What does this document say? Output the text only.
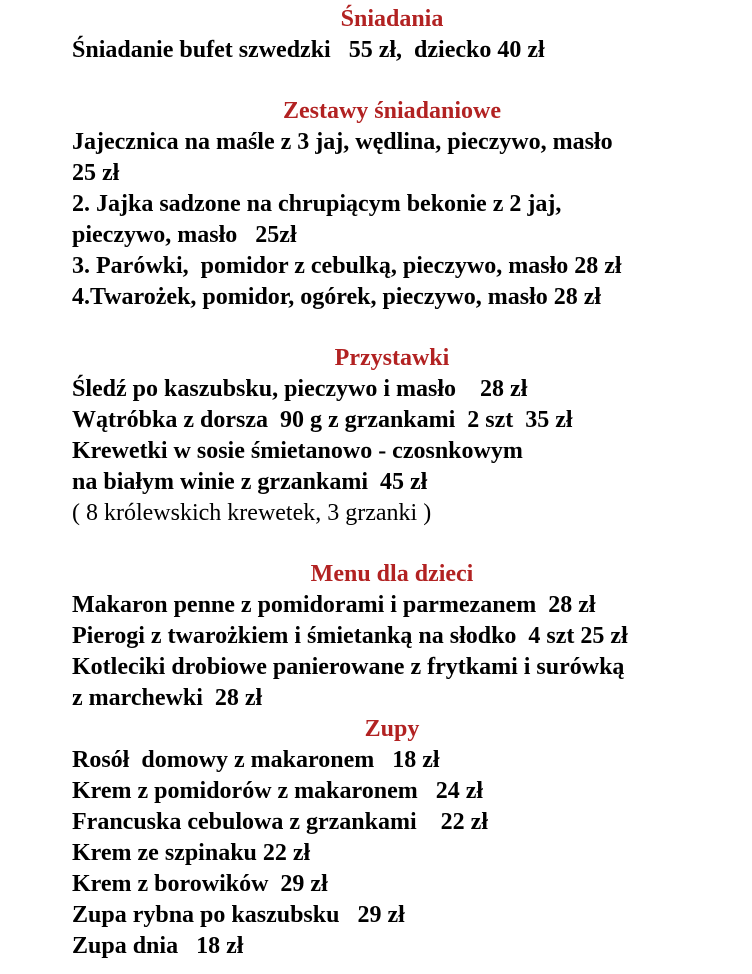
Śniadania
Śniadanie bufet szwedzki   55 zł,  dziecko 40 zł
Zestawy śniadaniowe
Jajecznica na maśle z 3 jaj, wędlina, pieczywo, masło
25 zł
2. Jajka sadzone na chrupiącym bekonie z 2 jaj,
pieczywo, masło   25zł
3. Parówki,  pomidor z cebulką, pieczywo, masło 28 zł
4.Twarożek, pomidor, ogórek, pieczywo, masło 28 zł
Przystawki
Śledź po kaszubsku, pieczywo i masło    28 zł
Wątróbka z dorsza  90 g z grzankami  2 szt  35 zł
Krewetki w sosie śmietanowo - czosnkowym
na białym winie z grzankami  45 zł
( 8 królewskich krewetek, 3 grzanki )
Menu dla dzieci
Makaron penne z pomidorami i parmezanem  28 zł
Pierogi z twarożkiem i śmietanką na słodko  4 szt 25 zł
Kotleciki drobiowe panierowane z frytkami i surówką
z marchewki  28 zł
Zupy
Rosół  domowy z makaronem   18 zł
Krem z pomidorów z makaronem   24 zł
Francuska cebulowa z grzankami    22 zł
Krem ze szpinaku 22 zł
Krem z borowików  29 zł
Zupa rybna po kaszubsku   29 zł
Zupa dnia   18 zł
